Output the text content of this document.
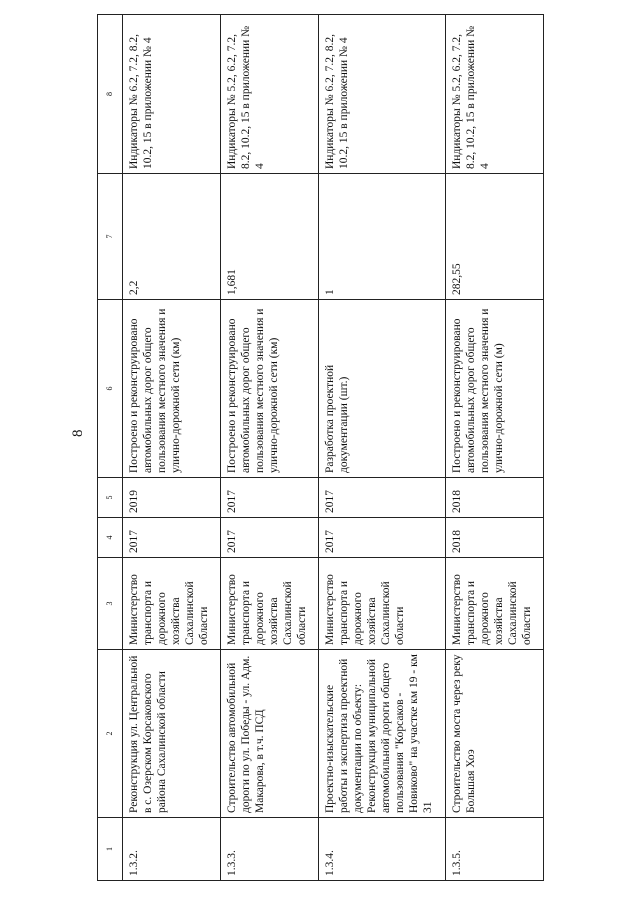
8
1	2	3	4	5	6	7	8
1.3.2.	Реконструкция ул. Центральной в с. Озерском Корсаковского района Сахалинской области	Министерство транспорта и дорожного хозяйства Сахалинской области	2017	2019	Построено и реконструировано автомобильных дорог общего пользования местного значения и улично-дорожной сети (км)	2,2	Индикаторы № 6.2, 7.2, 8.2, 10.2, 15 в приложении № 4
1.3.3.	Строительство автомобильной дороги по ул. Победы - ул. Адм. Макарова, в т.ч. ПСД	Министерство транспорта и дорожного хозяйства Сахалинской области	2017	2017	Построено и реконструировано автомобильных дорог общего пользования местного значения и улично-дорожной сети (км)	1,681	Индикаторы № 5.2, 6.2, 7.2, 8.2, 10.2, 15 в приложении № 4
1.3.4.	Проектно-изыскательские работы и экспертиза проектной документации по объекту: Реконструкция муниципальной автомобильной дороги общего пользования "Корсаков - Новиково" на участке км 19 - км 31	Министерство транспорта и дорожного хозяйства Сахалинской области	2017	2017	Разработка проектной документации (шт.)	1	Индикаторы № 6.2, 7.2, 8.2, 10.2, 15 в приложении № 4
1.3.5.	Строительство моста через реку Большая Хоэ	Министерство транспорта и дорожного хозяйства Сахалинской области	2018	2018	Построено и реконструировано автомобильных дорог общего пользования местного значения и улично-дорожной сети (м)	282,55	Индикаторы № 5.2, 6.2, 7.2, 8.2, 10.2, 15 в приложении № 4
